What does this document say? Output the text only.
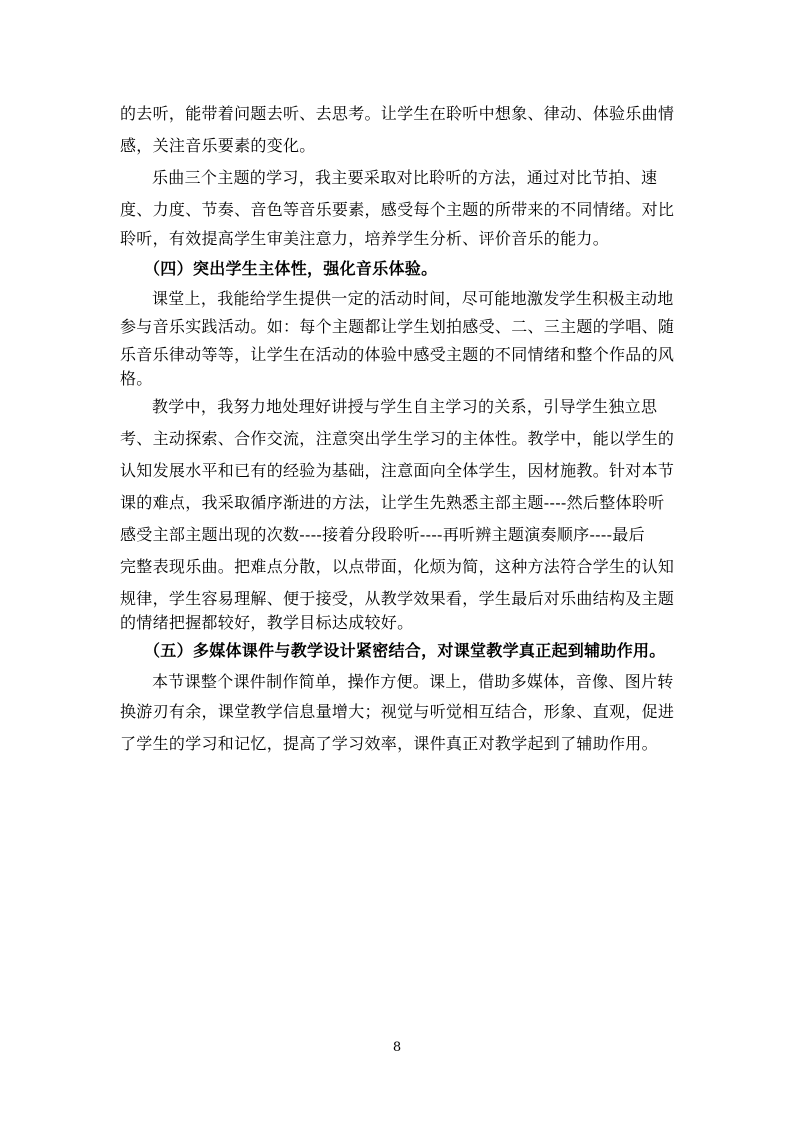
的去听，能带着问题去听、去思考。让学生在聆听中想象、律动、体验乐曲情
感，关注音乐要素的变化。
乐曲三个主题的学习，我主要采取对比聆听的方法，通过对比节拍、速
度、力度、节奏、音色等音乐要素，感受每个主题的所带来的不同情绪。对比
聆听，有效提高学生审美注意力，培养学生分析、评价音乐的能力。
（四）突出学生主体性，强化音乐体验。
课堂上，我能给学生提供一定的活动时间，尽可能地激发学生积极主动地
参与音乐实践活动。如：每个主题都让学生划拍感受、二、三主题的学唱、随
乐音乐律动等等，让学生在活动的体验中感受主题的不同情绪和整个作品的风
格。
教学中，我努力地处理好讲授与学生自主学习的关系，引导学生独立思
考、主动探索、合作交流，注意突出学生学习的主体性。教学中，能以学生的
认知发展水平和已有的经验为基础，注意面向全体学生，因材施教。针对本节
课的难点，我采取循序渐进的方法，让学生先熟悉主部主题----然后整体聆听
感受主部主题出现的次数----接着分段聆听----再听辨主题演奏顺序----最后
完整表现乐曲。把难点分散，以点带面，化烦为简，这种方法符合学生的认知
规律，学生容易理解、便于接受，从教学效果看，学生最后对乐曲结构及主题
的情绪把握都较好，教学目标达成较好。
（五）多媒体课件与教学设计紧密结合，对课堂教学真正起到辅助作用。
本节课整个课件制作简单，操作方便。课上，借助多媒体，音像、图片转
换游刃有余，课堂教学信息量增大；视觉与听觉相互结合，形象、直观，促进
了学生的学习和记忆，提高了学习效率，课件真正对教学起到了辅助作用。
8
